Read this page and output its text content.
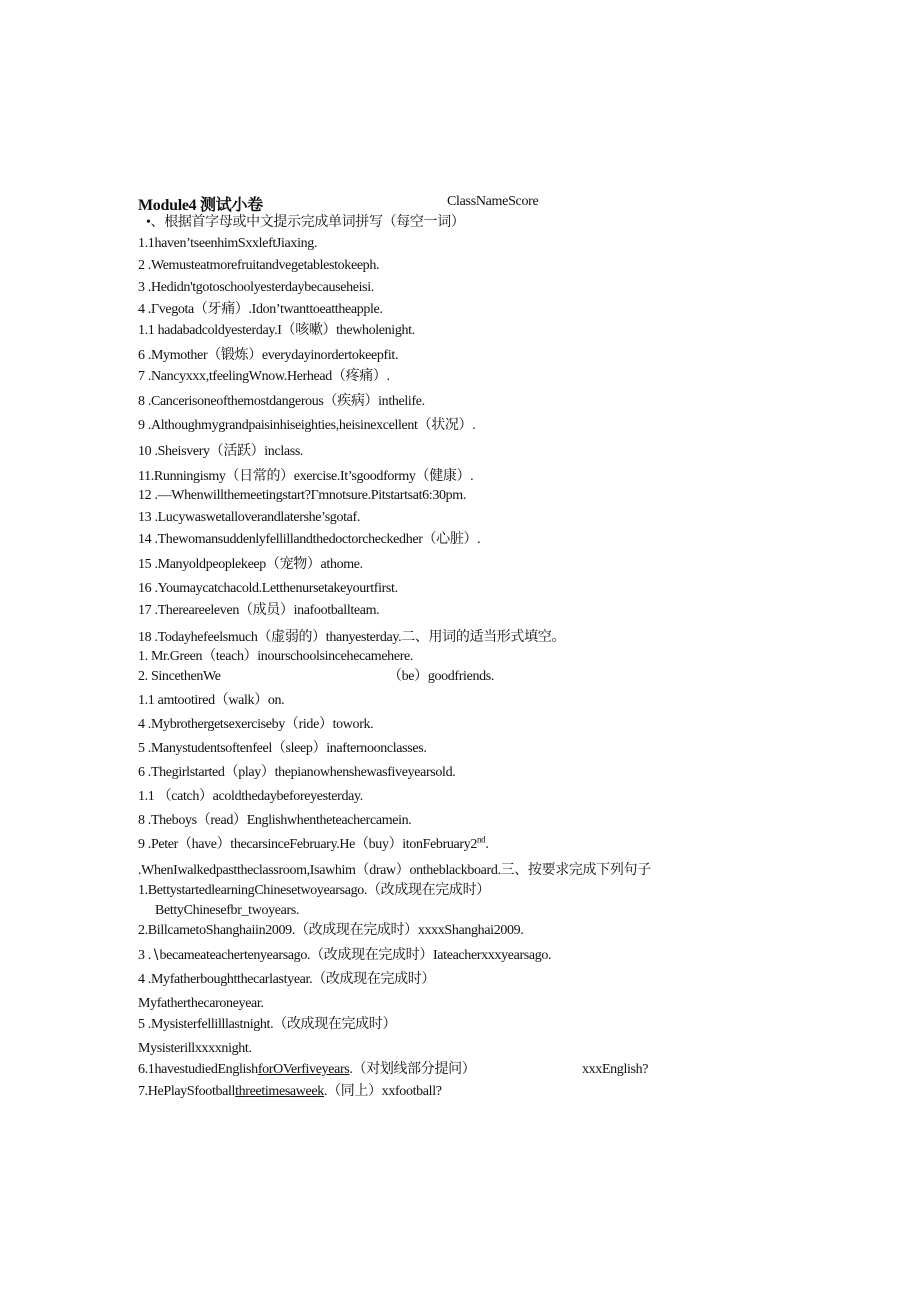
Module4 测试小卷	ClassNameScore
•、根据首字母或中文提示完成单词拼写（每空一词）
1.1haven’tseenhimSxxleftJiaxing.
2 .Wemusteatmorefruitandvegetablestokeeph.
3 .Hedidn'tgotoschoolyesterdaybecauseheisi.
4 .Γvegota（牙痛）.Idon’twanttoeattheapple.
1.1 hadabadcoldyesterday.I（咳嗽）thewholenight.
6 .Mymother（锻炼）everydayinordertokeepfit.
7 .Nancyxxx,tfeelingWnow.Herhead（疼痛）.
8 .Cancerisoneofthemostdangerous（疾病）inthelife.
9 .Althoughmygrandpaisinhiseighties,heisinexcellent（状况）.
10 .Sheisvery（活跃）inclass.
11.Runningismy（日常的）exercise.It’sgoodformy（健康）.
12 .—Whenwillthemeetingstart?Γmnotsure.Pitstartsat6:30pm.
13 .Lucywaswetalloverandlatershe’sgotaf.
14 .Thewomansuddenlyfellillandthedoctorcheckedher（心脏）.
15 .Manyoldpeoplekeep（宠物）athome.
16 .Youmaycatchacold.Letthenursetakeyourtfirst.
17 .Thereareeleven（成员）inafootballteam.
18 .Todayhefeelsmuch（虚弱的）thanyesterday.二、用词的适当形式填空。
1. Mr.Green（teach）inourschoolsincehecamehere.
2. SincethenWe	（be）goodfriends.
1.1 amtootired（walk）on.
4 .Mybrothergetsexerciseby（ride）towork.
5 .Manystudentsoftenfeel（sleep）inafternoonclasses.
6 .Thegirlstarted（play）thepianowhenshewasfiveyearsold.
1.1 （catch）acoldthedaybeforeyesterday.
8 .Theboys（read）Englishwhentheteachercamein.
9 .Peter（have）thecarsinceFebruary.He（buy）itonFebruary2nd.
.WhenIwalkedpasttheclassroom,Isawhim（draw）ontheblackboard.三、按要求完成下列句子
1.BettystartedlearningChinesetwoyearsago.（改成现在完成时）
BettyChinesefbr_twoyears.
2.BillcametoShanghaiin2009.（改成现在完成时）xxxxShanghai2009.
3 .∖becameateachertenyearsago.（改成现在完成时）Iateacherxxxyearsago.
4 .Myfatherboughtthecarlastyear.（改成现在完成时）
Myfatherthecaroneyear.
5 .Mysisterfellilllastnight.（改成现在完成时）
Mysisterillxxxxnight.
6.1havestudiedEnglishforOVerfiveyears.（对划线部分提问）	xxxEnglish?
7.HePlaySfootballthreetimesaweek.（同上）xxfootball?
